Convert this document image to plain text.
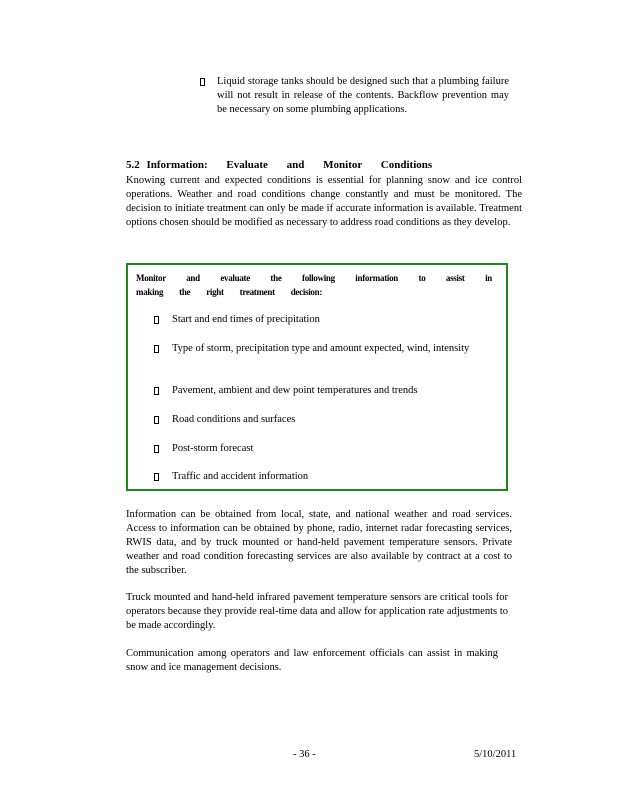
Liquid storage tanks should be designed such that a plumbing failure will not result in release of the contents. Backflow prevention may be necessary on some plumbing applications.

5.2 Information: Evaluate and Monitor Conditions

Knowing current and expected conditions is essential for planning snow and ice control operations. Weather and road conditions change constantly and must be monitored. The decision to initiate treatment can only be made if accurate information is available. Treatment options chosen should be modified as necessary to address road conditions as they develop.

Monitor and evaluate the following information to assist in making the right treatment decision:

Start and end times of precipitation
Type of storm, precipitation type and amount expected, wind, intensity
Pavement, ambient and dew point temperatures and trends
Road conditions and surfaces
Post-storm forecast
Traffic and accident information

Information can be obtained from local, state, and national weather and road services. Access to information can be obtained by phone, radio, internet radar forecasting services, RWIS data, and by truck mounted or hand-held pavement temperature sensors. Private weather and road condition forecasting services are also available by contract at a cost to the subscriber.

Truck mounted and hand-held infrared pavement temperature sensors are critical tools for operators because they provide real-time data and allow for application rate adjustments to be made accordingly.

Communication among operators and law enforcement officials can assist in making snow and ice management decisions.

- 36 -	5/10/2011
